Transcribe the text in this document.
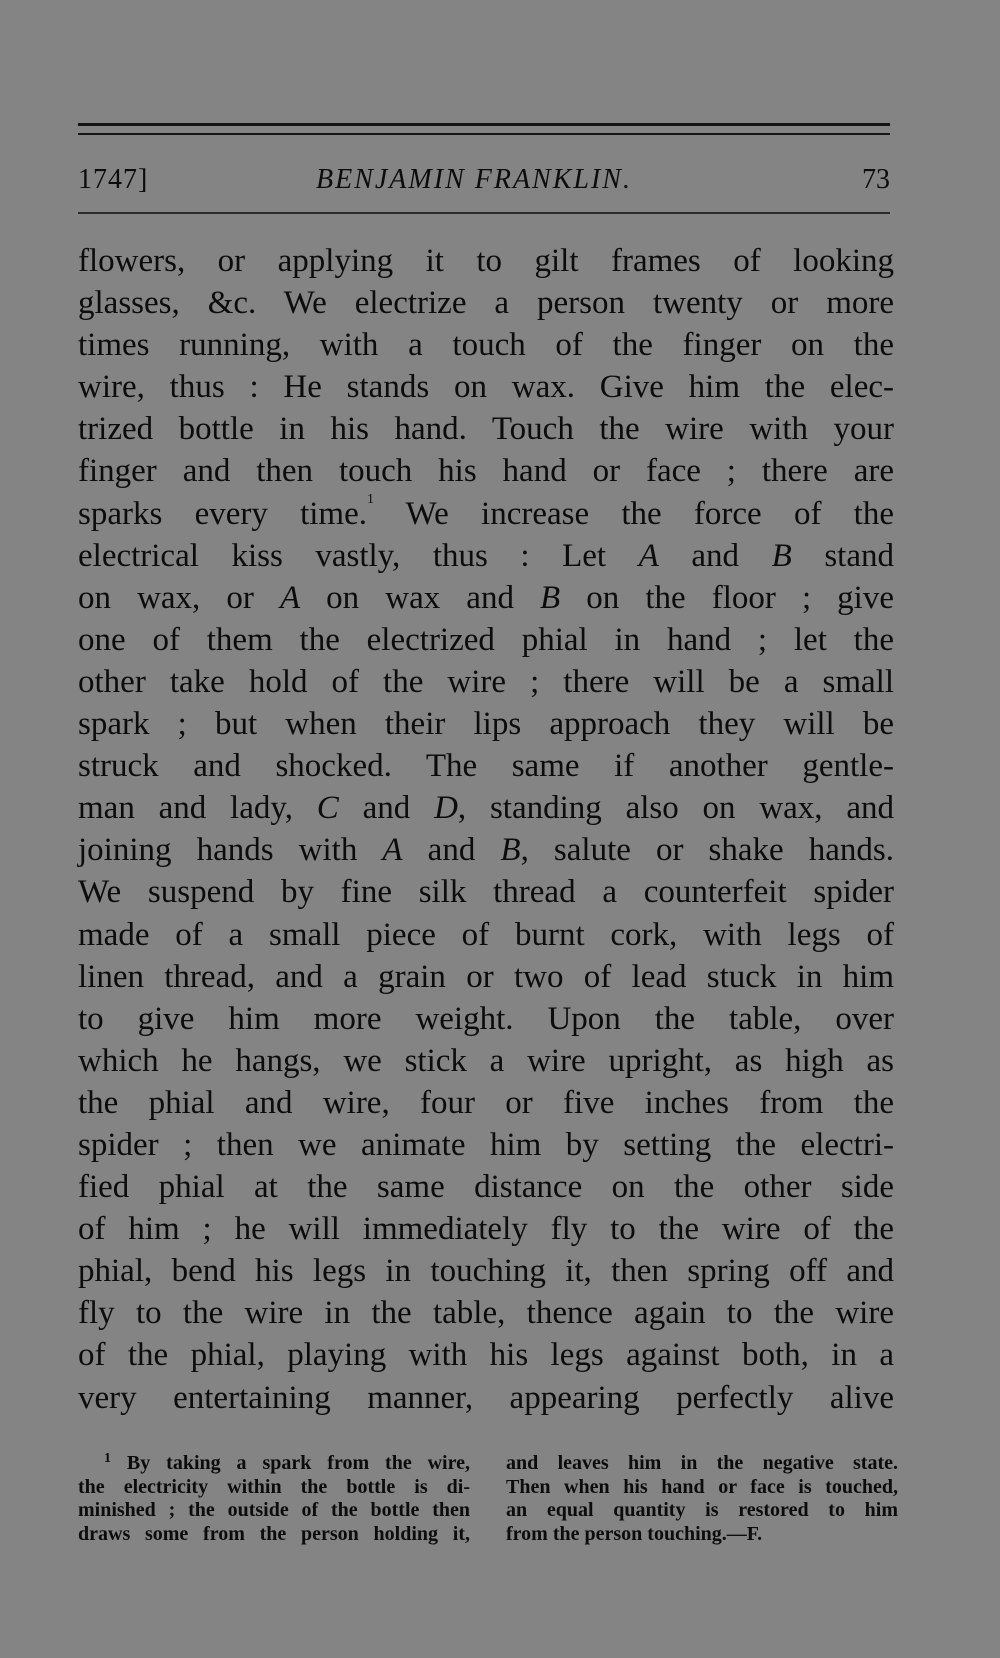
1747]	BENJAMIN FRANKLIN.	73
flowers, or applying it to gilt frames of looking
glasses, &c. We electrize a person twenty or more
times running, with a touch of the finger on the
wire, thus : He stands on wax. Give him the elec-
trized bottle in his hand. Touch the wire with your
finger and then touch his hand or face ; there are
sparks every time.$^1$ We increase the force of the
electrical kiss vastly, thus : Let A and B stand
on wax, or A on wax and B on the floor ; give
one of them the electrized phial in hand ; let the
other take hold of the wire ; there will be a small
spark ; but when their lips approach they will be
struck and shocked. The same if another gentle-
man and lady, C and D, standing also on wax, and
joining hands with A and B, salute or shake hands.
We suspend by fine silk thread a counterfeit spider
made of a small piece of burnt cork, with legs of
linen thread, and a grain or two of lead stuck in him
to give him more weight. Upon the table, over
which he hangs, we stick a wire upright, as high as
the phial and wire, four or five inches from the
spider ; then we animate him by setting the electri-
fied phial at the same distance on the other side
of him ; he will immediately fly to the wire of the
phial, bend his legs in touching it, then spring off and
fly to the wire in the table, thence again to the wire
of the phial, playing with his legs against both, in a
very entertaining manner, appearing perfectly alive
$^1$ By taking a spark from the wire,
the electricity within the bottle is di-
minished ; the outside of the bottle then
draws some from the person holding it,
and leaves him in the negative state.
Then when his hand or face is touched,
an equal quantity is restored to him
from the person touching.—F.
